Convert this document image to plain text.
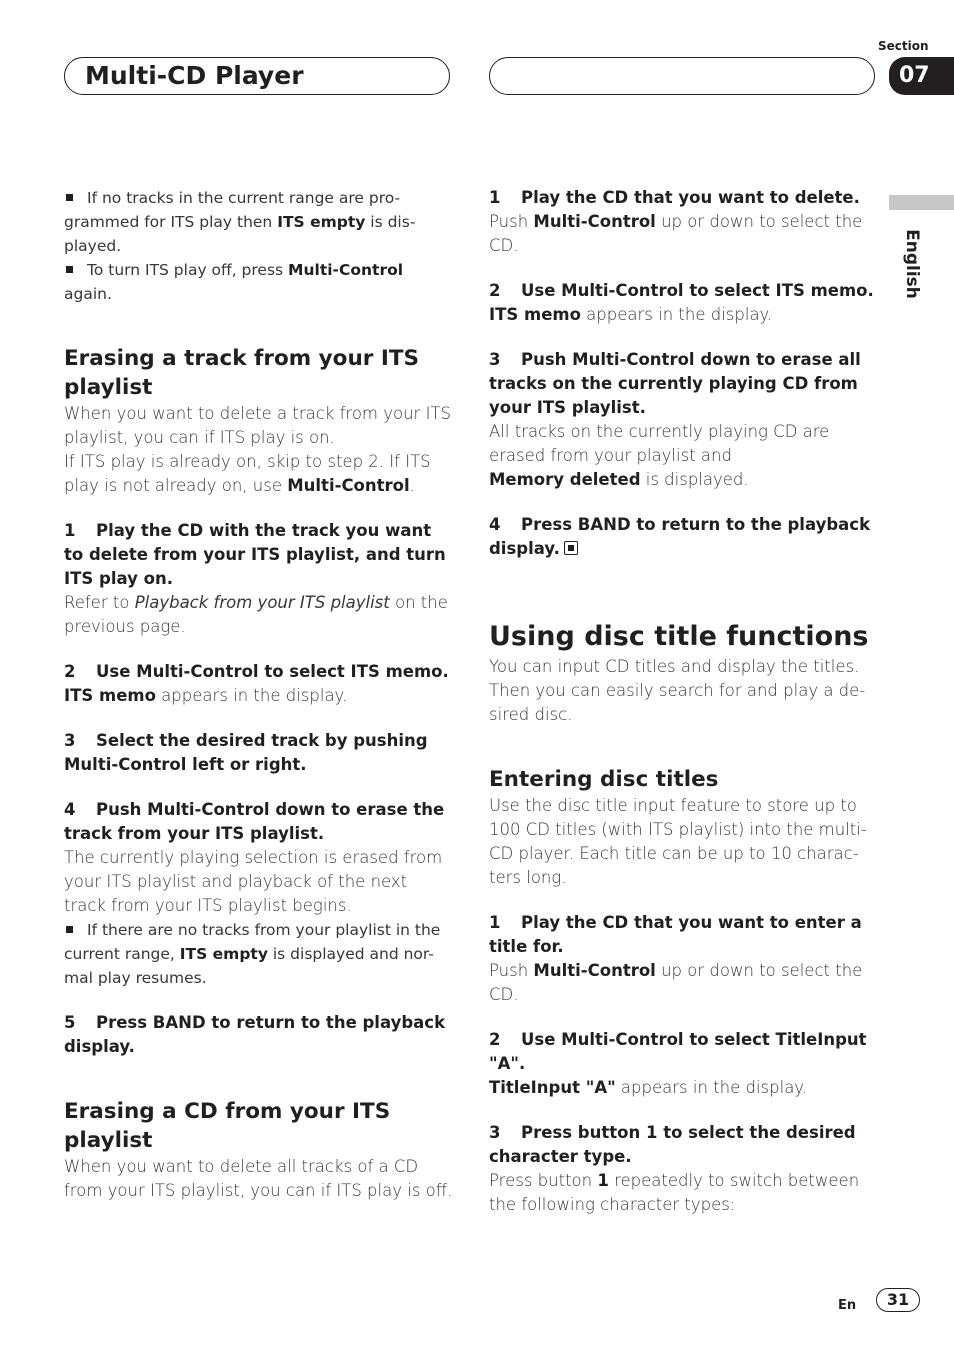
Multi-CD Player
Section
07
English
If no tracks in the current range are pro-
grammed for ITS play then ITS empty is dis-
played.
To turn ITS play off, press Multi-Control
again.
Erasing a track from your ITS playlist

When you want to delete a track from your ITS playlist, you can if ITS play is on.
If ITS play is already on, skip to step 2. If ITS play is not already on, use Multi-Control.

1 Play the CD with the track you want to delete from your ITS playlist, and turn ITS play on.

Refer to Playback from your ITS playlist on the previous page.

2 Use Multi-Control to select ITS memo.

ITS memo appears in the display.

3 Select the desired track by pushing Multi-Control left or right.
4 Push Multi-Control down to erase the track from your ITS playlist.

The currently playing selection is erased from your ITS playlist and playback of the next track from your ITS playlist begins.

If there are no tracks from your playlist in the current range, ITS empty is displayed and nor-mal play resumes.
5 Press BAND to return to the playback display.
Erasing a CD from your ITS playlist

When you want to delete all tracks of a CD from your ITS playlist, you can if ITS play is off.

1 Play the CD that you want to delete.

Push Multi-Control up or down to select the CD.

2 Use Multi-Control to select ITS memo.

ITS memo appears in the display.

3 Push Multi-Control down to erase all tracks on the currently playing CD from your ITS playlist.

All tracks on the currently playing CD are erased from your playlist and
Memory deleted is displayed.

4 Press BAND to return to the playback display.
Using disc title functions

You can input CD titles and display the titles. Then you can easily search for and play a de-sired disc.

Entering disc titles

Use the disc title input feature to store up to 100 CD titles (with ITS playlist) into the multi-CD player. Each title can be up to 10 charac-ters long.

1 Play the CD that you want to enter a title for.

Push Multi-Control up or down to select the CD.

2 Use Multi-Control to select TitleInput "A".

TitleInput "A" appears in the display.

3 Press button 1 to select the desired character type.

Press button 1 repeatedly to switch between the following character types:

En	31
